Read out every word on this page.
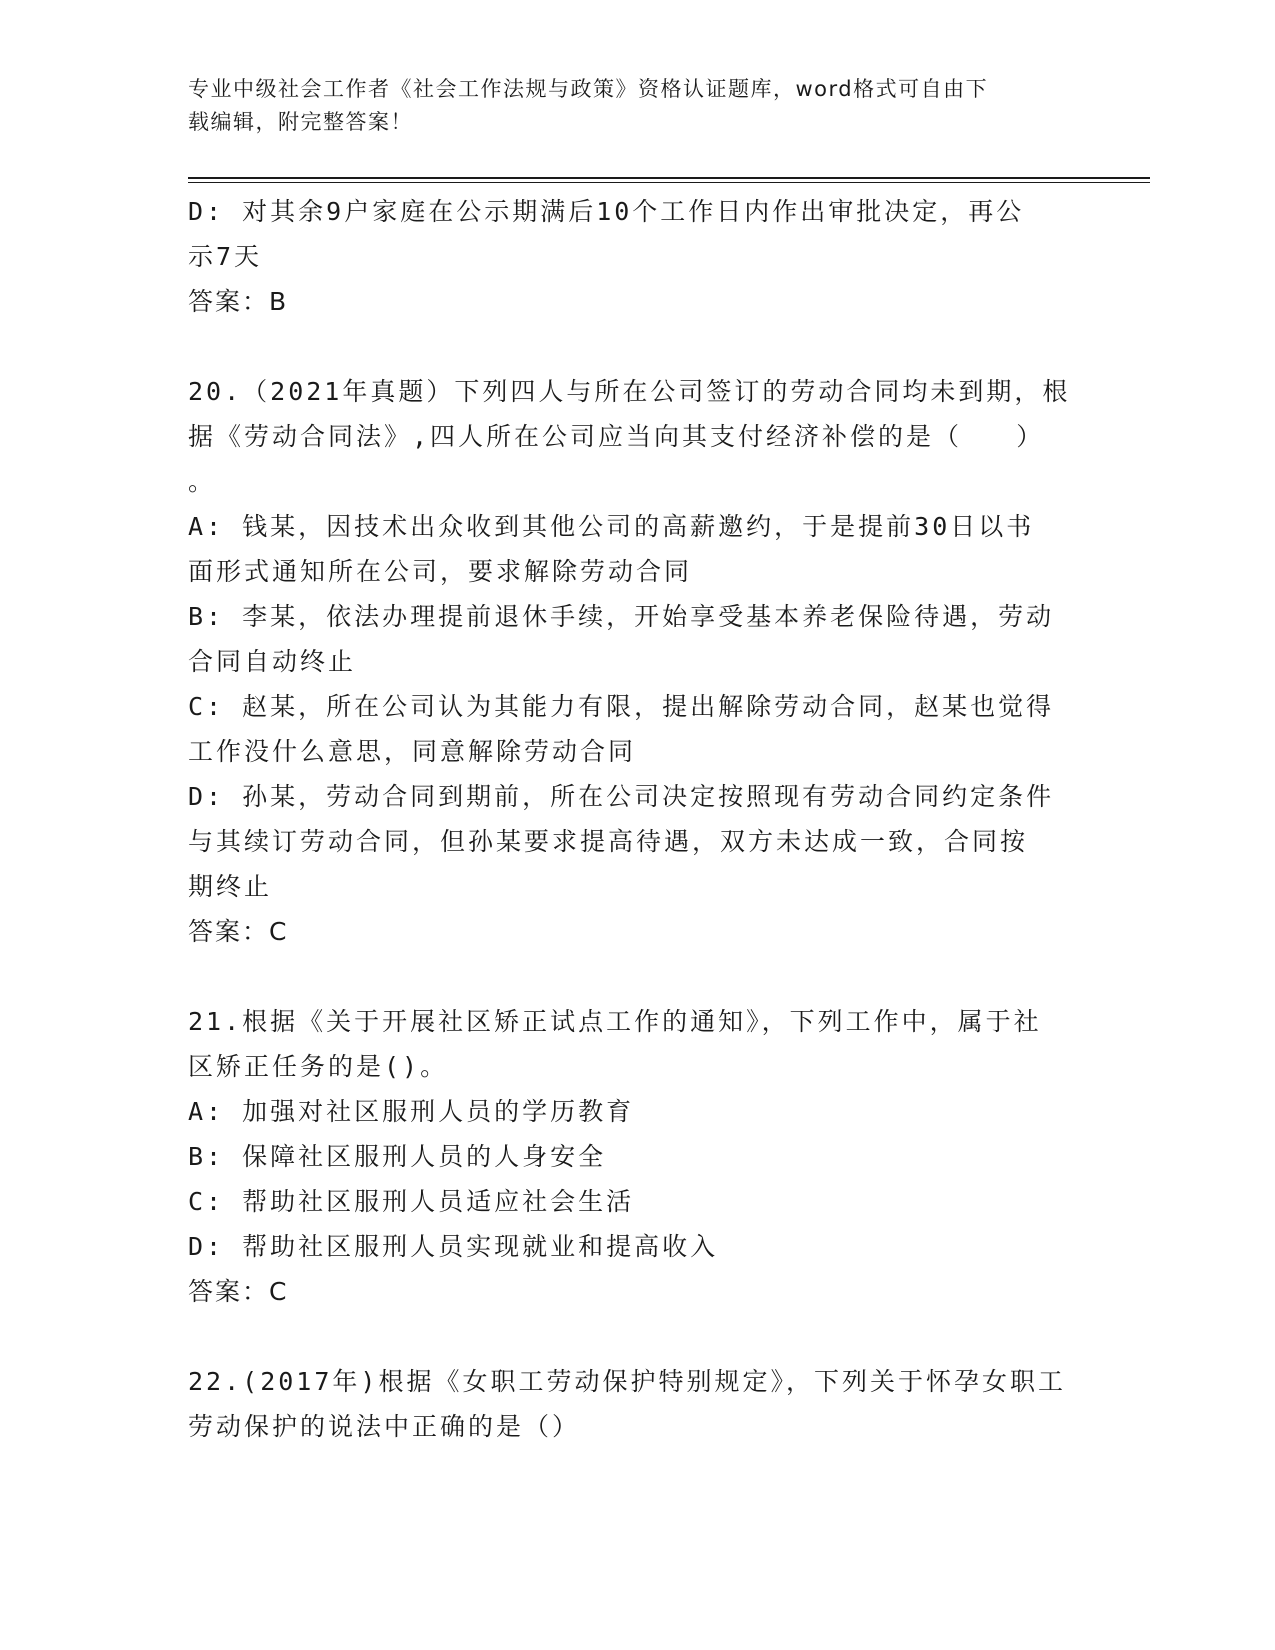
专业中级社会工作者《社会工作法规与政策》资格认证题库，word格式可自由下
载编辑，附完整答案！
D: 对其余9户家庭在公示期满后10个工作日内作出审批决定，再公
示7天
答案：B
20.（2021年真题）下列四人与所在公司签订的劳动合同均未到期，根
据《劳动合同法》,四人所在公司应当向其支付经济补偿的是（   ）
。
A: 钱某，因技术出众收到其他公司的高薪邀约，于是提前30日以书
面形式通知所在公司，要求解除劳动合同
B: 李某，依法办理提前退休手续，开始享受基本养老保险待遇，劳动
合同自动终止
C: 赵某，所在公司认为其能力有限，提出解除劳动合同，赵某也觉得
工作没什么意思，同意解除劳动合同
D: 孙某，劳动合同到期前，所在公司决定按照现有劳动合同约定条件
与其续订劳动合同，但孙某要求提高待遇，双方未达成一致，合同按
期终止
答案：C
21.根据《关于开展社区矫正试点工作的通知》，下列工作中，属于社
区矫正任务的是()。
A: 加强对社区服刑人员的学历教育
B: 保障社区服刑人员的人身安全
C: 帮助社区服刑人员适应社会生活
D: 帮助社区服刑人员实现就业和提高收入
答案：C
22.(2017年)根据《女职工劳动保护特别规定》，下列关于怀孕女职工
劳动保护的说法中正确的是（）
